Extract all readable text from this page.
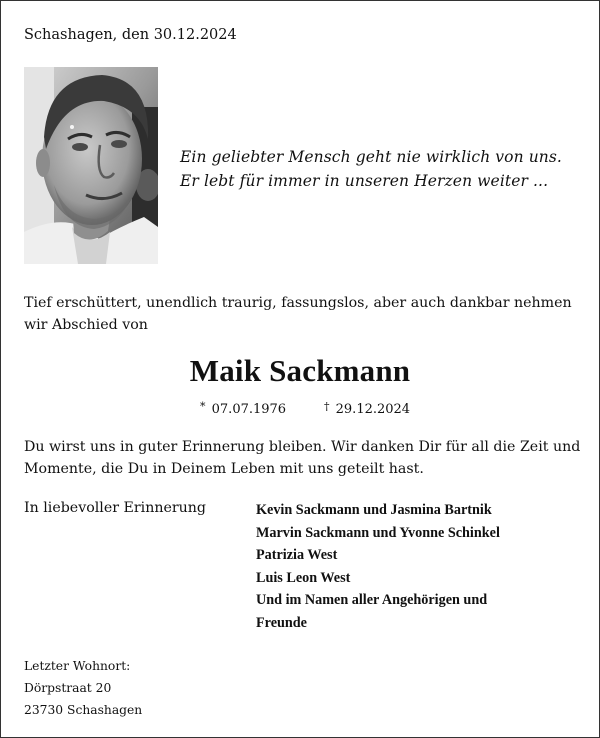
Schashagen, den 30.12.2024
Ein geliebter Mensch geht nie wirklich von uns.
Er lebt für immer in unseren Herzen weiter ...
Tief erschüttert, unendlich traurig, fassungslos, aber auch dankbar nehmen wir Abschied von
Maik Sackmann
* 07.07.1976	† 29.12.2024
Du wirst uns in guter Erinnerung bleiben. Wir danken Dir für all die Zeit und Momente, die Du in Deinem Leben mit uns geteilt hast.
In liebevoller Erinnerung	Kevin Sackmann und Jasmina Bartnik
Marvin Sackmann und Yvonne Schinkel
Patrizia West
Luis Leon West
Und im Namen aller Angehörigen und
Freunde
Letzter Wohnort:
Dörpstraat 20
23730 Schashagen
